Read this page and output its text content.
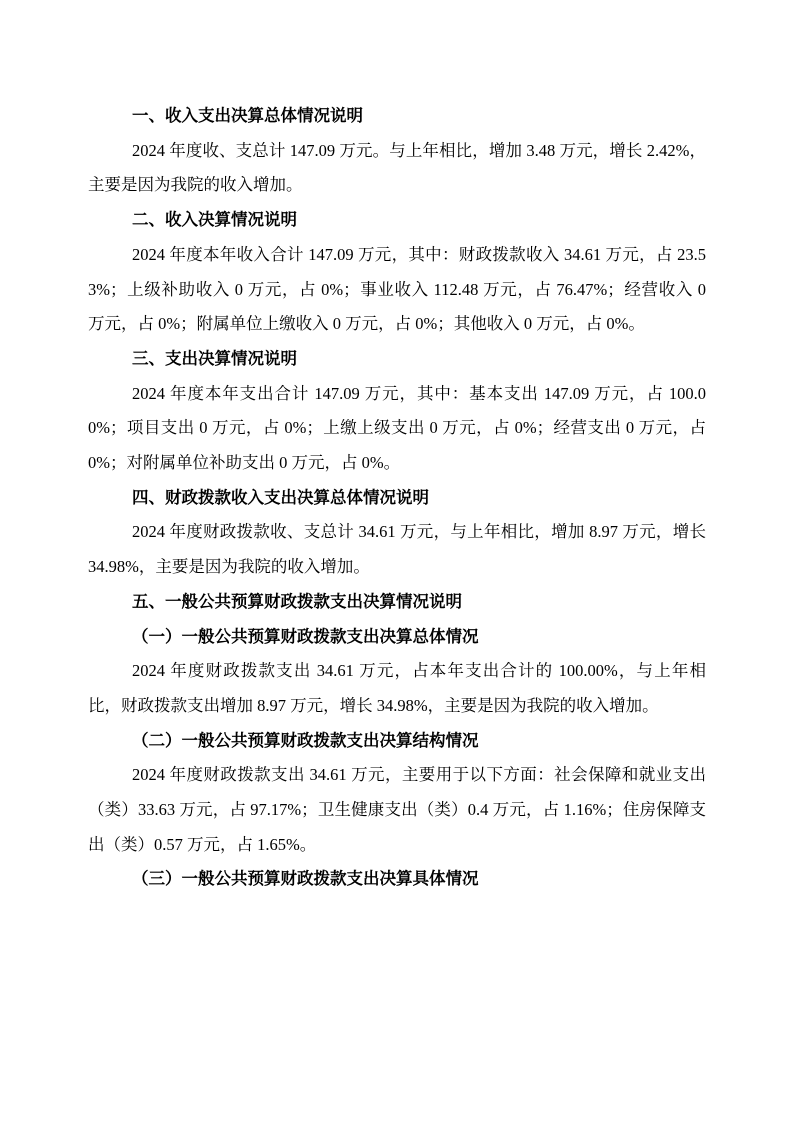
一、收入支出决算总体情况说明

2024 年度收、支总计 147.09 万元。与上年相比，增加 3.48 万元，增长 2.42%，主要是因为我院的收入增加。

二、收入决算情况说明

2024 年度本年收入合计 147.09 万元，其中：财政拨款收入 34.61 万元，占 23.53%；上级补助收入 0 万元，占 0%；事业收入 112.48 万元，占 76.47%；经营收入 0 万元，占 0%；附属单位上缴收入 0 万元，占 0%；其他收入 0 万元，占 0%。

三、支出决算情况说明

2024 年度本年支出合计 147.09 万元，其中：基本支出 147.09 万元，占 100.00%；项目支出 0 万元，占 0%；上缴上级支出 0 万元，占 0%；经营支出 0 万元，占 0%；对附属单位补助支出 0 万元，占 0%。

四、财政拨款收入支出决算总体情况说明

2024 年度财政拨款收、支总计 34.61 万元，与上年相比，增加 8.97 万元，增长 34.98%，主要是因为我院的收入增加。

五、一般公共预算财政拨款支出决算情况说明

（一）一般公共预算财政拨款支出决算总体情况

2024 年度财政拨款支出 34.61 万元，占本年支出合计的 100.00%，与上年相比，财政拨款支出增加 8.97 万元，增长 34.98%，主要是因为我院的收入增加。

（二）一般公共预算财政拨款支出决算结构情况

2024 年度财政拨款支出 34.61 万元，主要用于以下方面：社会保障和就业支出（类）33.63 万元，占 97.17%；卫生健康支出（类）0.4 万元，占 1.16%；住房保障支出（类）0.57 万元，占 1.65%。

（三）一般公共预算财政拨款支出决算具体情况
